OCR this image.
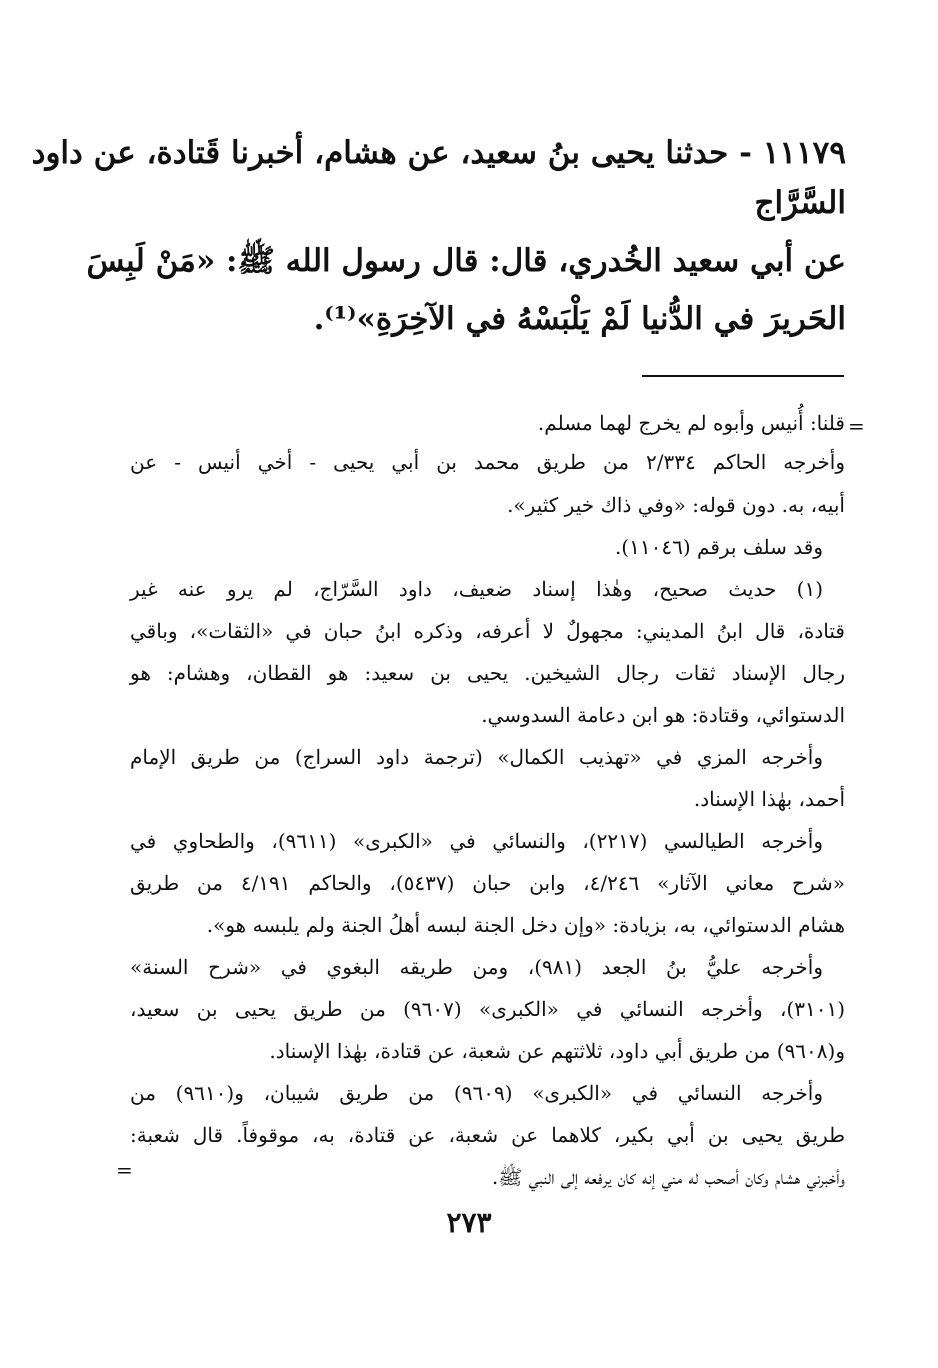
١١١٧٩ - حدثنا يحيى بنُ سعيد، عن هشام، أخبرنا قَتادة، عن داود
السَّرَّاج
عن أبي سعيد الخُدري، قال: قال رسول الله ﷺ: «مَنْ لَبِسَ
الحَريرَ في الدُّنيا لَمْ يَلْبَسْهُ في الآخِرَةِ»⁽¹⁾.
=
قلنا: أُنيس وأبوه لم يخرج لهما مسلم.
وأخرجه الحاكم ٢/٣٣٤ من طريق محمد بن أبي يحيى - أخي أنيس - عن
أبيه، به. دون قوله: «وفي ذاك خير كثير».
وقد سلف برقم (١١٠٤٦).
(١) حديث صحيح، وهٰذا إسناد ضعيف، داود السَّرّاج، لم يرو عنه غير
قتادة، قال ابنُ المديني: مجهولٌ لا أعرفه، وذكره ابنُ حبان في «الثقات»، وباقي
رجال الإسناد ثقات رجال الشيخين. يحيى بن سعيد: هو القطان، وهشام: هو
الدستوائي، وقتادة: هو ابن دعامة السدوسي.
وأخرجه المزي في «تهذيب الكمال» (ترجمة داود السراج) من طريق الإمام
أحمد، بهٰذا الإسناد.
وأخرجه الطيالسي (٢٢١٧)، والنسائي في «الكبرى» (٩٦١١)، والطحاوي في
«شرح معاني الآثار» ٤/٢٤٦، وابن حبان (٥٤٣٧)، والحاكم ٤/١٩١ من طريق
هشام الدستوائي، به، بزيادة: «وإن دخل الجنة لبسه أهلُ الجنة ولم يلبسه هو».
وأخرجه عليُّ بنُ الجعد (٩٨١)، ومن طريقه البغوي في «شرح السنة»
(٣١٠١)، وأخرجه النسائي في «الكبرى» (٩٦٠٧) من طريق يحيى بن سعيد،
و(٩٦٠٨) من طريق أبي داود، ثلاثتهم عن شعبة، عن قتادة، بهٰذا الإسناد.
وأخرجه النسائي في «الكبرى» (٩٦٠٩) من طريق شيبان، و(٩٦١٠) من
طريق يحيى بن أبي بكير، كلاهما عن شعبة، عن قتادة، به، موقوفاً. قال شعبة:
وأخبرني هشام وكان أصحب له مني إنه كان يرفعه إلى النبي ﷺ.
=
٢٧٣
